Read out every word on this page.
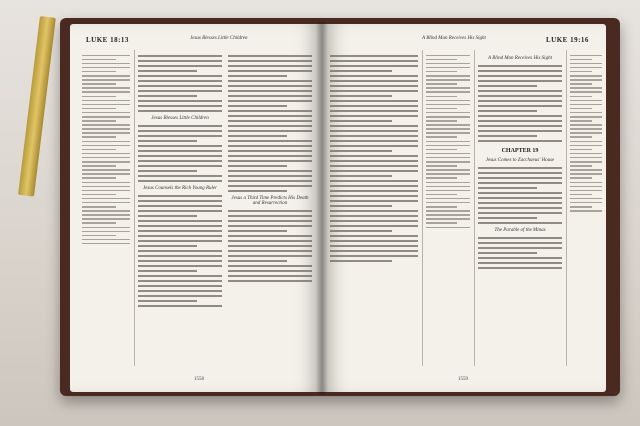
LUKE 18:13	Jesus Blesses Little Children
Jesus Blesses Little Children
Jesus Counsels the Rich Young Ruler
Jesus a Third Time Predicts His Death and Resurrection
1558
A Blind Man Receives His Sight	LUKE 19:16
A Blind Man Receives His Sight
CHAPTER 19
Jesus Comes to Zacchaeus' House
The Parable of the Minas
1559
